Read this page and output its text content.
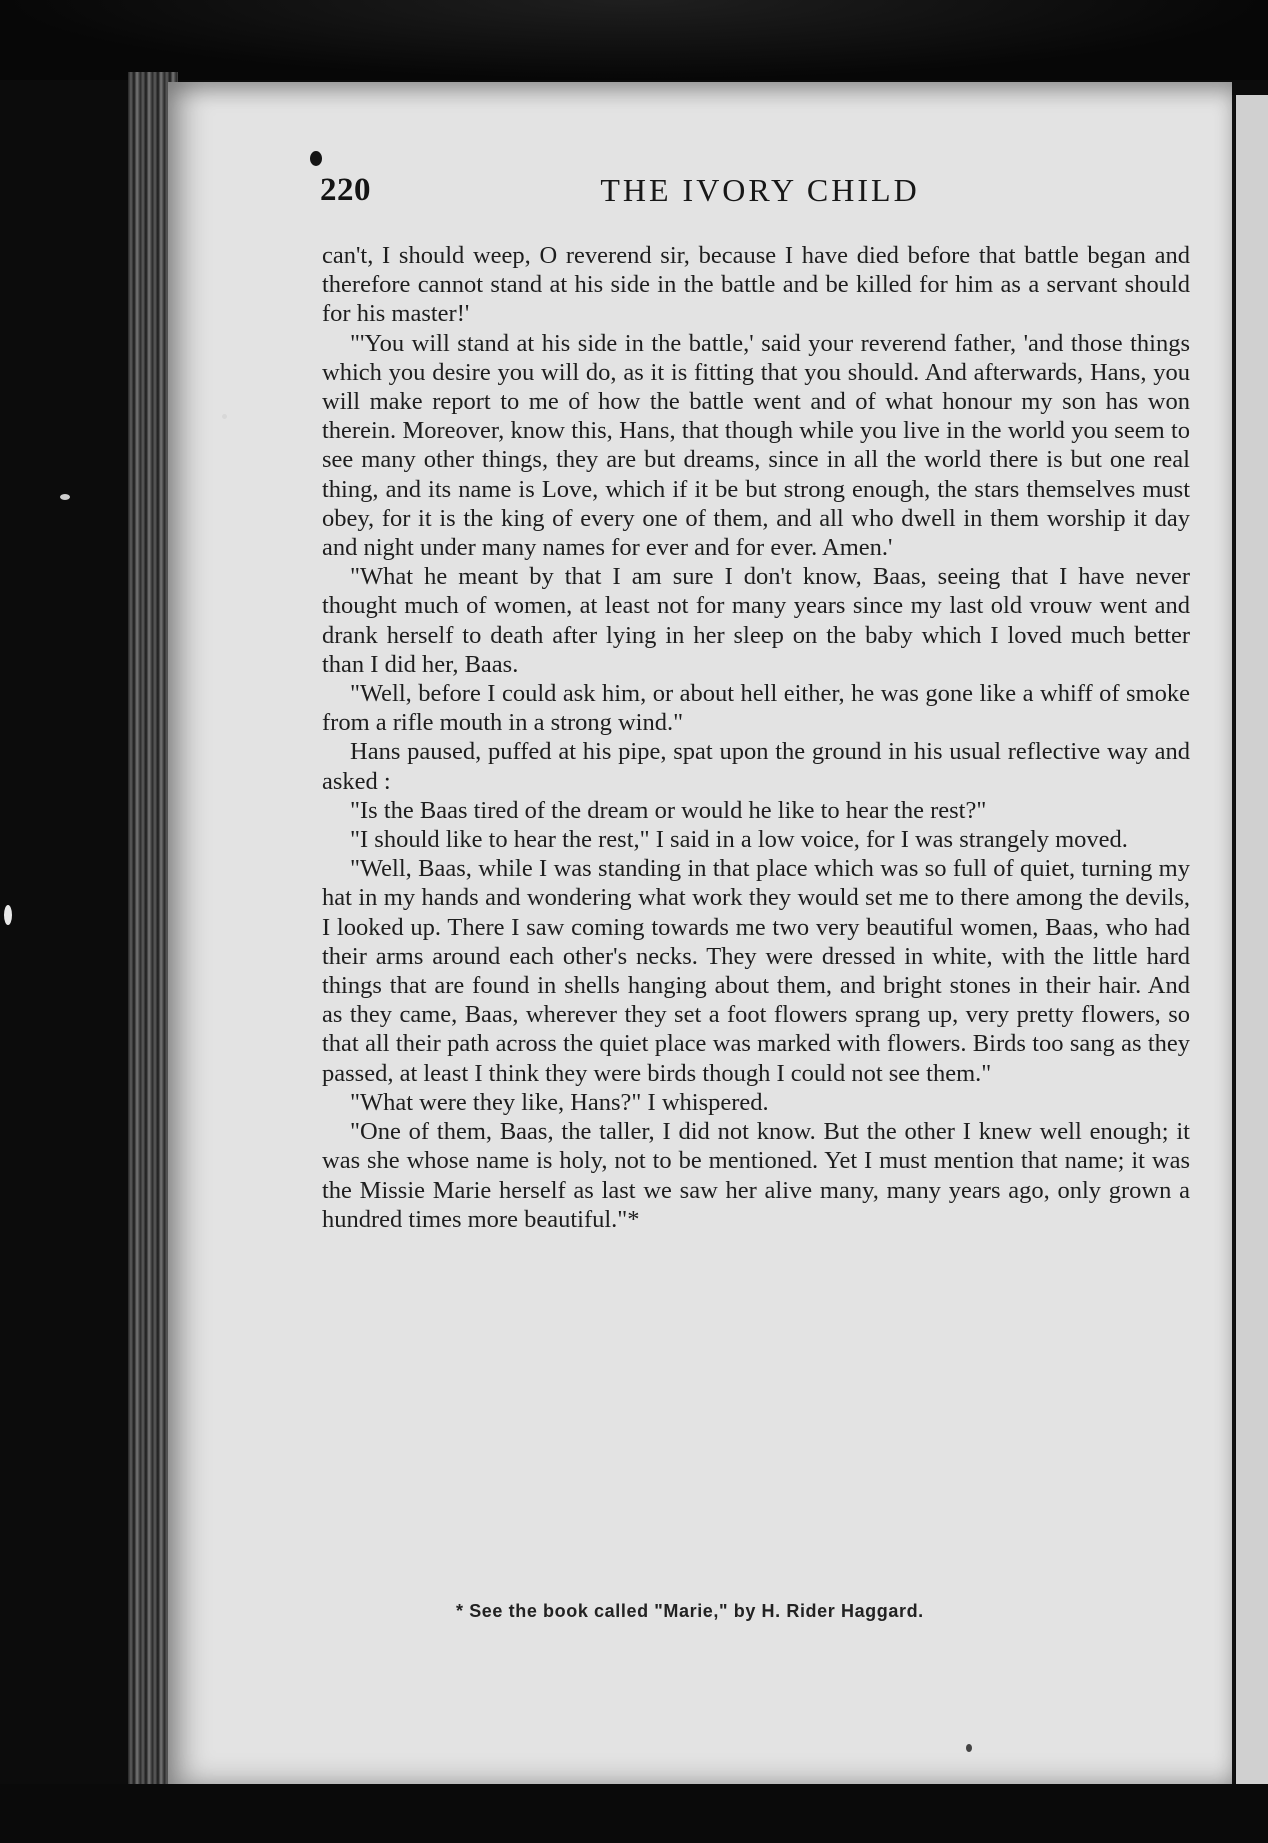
220	THE IVORY CHILD

can't, I should weep, O reverend sir, because I have died before that battle began and therefore cannot stand at his side in the battle and be killed for him as a servant should for his master!'

"'You will stand at his side in the battle,' said your reverend father, 'and those things which you desire you will do, as it is fitting that you should. And afterwards, Hans, you will make report to me of how the battle went and of what honour my son has won therein. Moreover, know this, Hans, that though while you live in the world you seem to see many other things, they are but dreams, since in all the world there is but one real thing, and its name is Love, which if it be but strong enough, the stars themselves must obey, for it is the king of every one of them, and all who dwell in them worship it day and night under many names for ever and for ever. Amen.'

"What he meant by that I am sure I don't know, Baas, seeing that I have never thought much of women, at least not for many years since my last old vrouw went and drank herself to death after lying in her sleep on the baby which I loved much better than I did her, Baas.

"Well, before I could ask him, or about hell either, he was gone like a whiff of smoke from a rifle mouth in a strong wind."

Hans paused, puffed at his pipe, spat upon the ground in his usual reflective way and asked :

"Is the Baas tired of the dream or would he like to hear the rest?"

"I should like to hear the rest," I said in a low voice, for I was strangely moved.

"Well, Baas, while I was standing in that place which was so full of quiet, turning my hat in my hands and wondering what work they would set me to there among the devils, I looked up. There I saw coming towards me two very beautiful women, Baas, who had their arms around each other's necks. They were dressed in white, with the little hard things that are found in shells hanging about them, and bright stones in their hair. And as they came, Baas, wherever they set a foot flowers sprang up, very pretty flowers, so that all their path across the quiet place was marked with flowers. Birds too sang as they passed, at least I think they were birds though I could not see them."

"What were they like, Hans?" I whispered.

"One of them, Baas, the taller, I did not know. But the other I knew well enough; it was she whose name is holy, not to be mentioned. Yet I must mention that name; it was the Missie Marie herself as last we saw her alive many, many years ago, only grown a hundred times more beautiful."*

* See the book called "Marie," by H. Rider Haggard.
